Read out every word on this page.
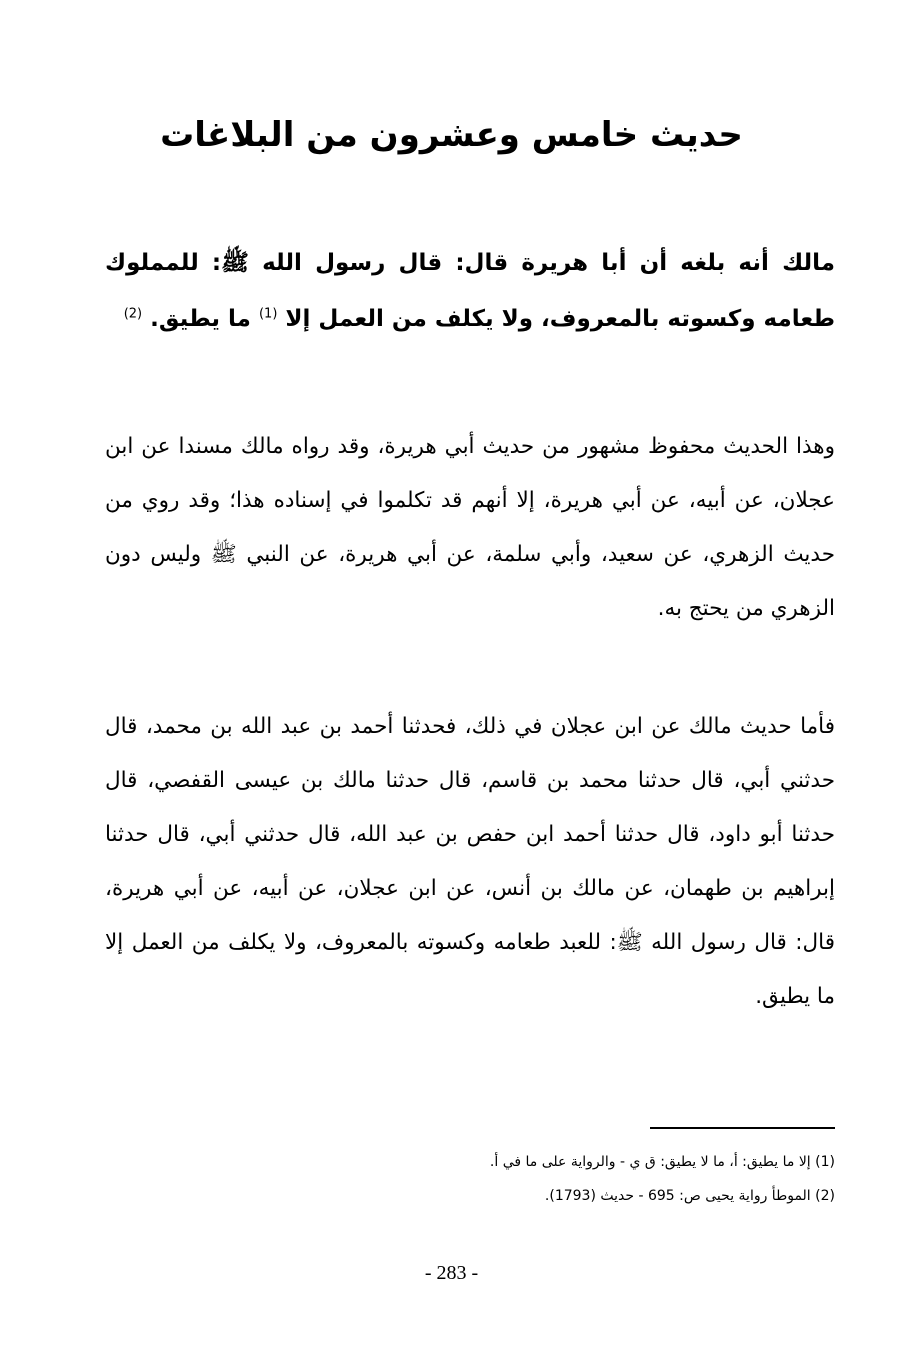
حديث خامس وعشرون من البلاغات

مالك أنه بلغه أن أبا هريرة قال: قال رسول الله ﷺ: للمملوك طعامه وكسوته بالمعروف، ولا يكلف من العمل إلا $^{(1)}$ ما يطيق. $^{(2)}$

وهذا الحديث محفوظ مشهور من حديث أبي هريرة، وقد رواه مالك مسندا عن ابن عجلان، عن أبيه، عن أبي هريرة، إلا أنهم قد تكلموا في إسناده هذا؛ وقد روي من حديث الزهري، عن سعيد، وأبي سلمة، عن أبي هريرة، عن النبي ﷺ وليس دون الزهري من يحتج به.

فأما حديث مالك عن ابن عجلان في ذلك، فحدثنا أحمد بن عبد الله بن محمد، قال حدثني أبي، قال حدثنا محمد بن قاسم، قال حدثنا مالك بن عيسى القفصي، قال حدثنا أبو داود، قال حدثنا أحمد ابن حفص بن عبد الله، قال حدثني أبي، قال حدثنا إبراهيم بن طهمان، عن مالك بن أنس، عن ابن عجلان، عن أبيه، عن أبي هريرة، قال: قال رسول الله ﷺ: للعبد طعامه وكسوته بالمعروف، ولا يكلف من العمل إلا ما يطيق.

(1) إلا ما يطيق: أ، ما لا يطيق: ق ي - والرواية على ما في أ.
(2) الموطأ رواية يحيى ص: 695 - حديث (1793).

- 283 -
